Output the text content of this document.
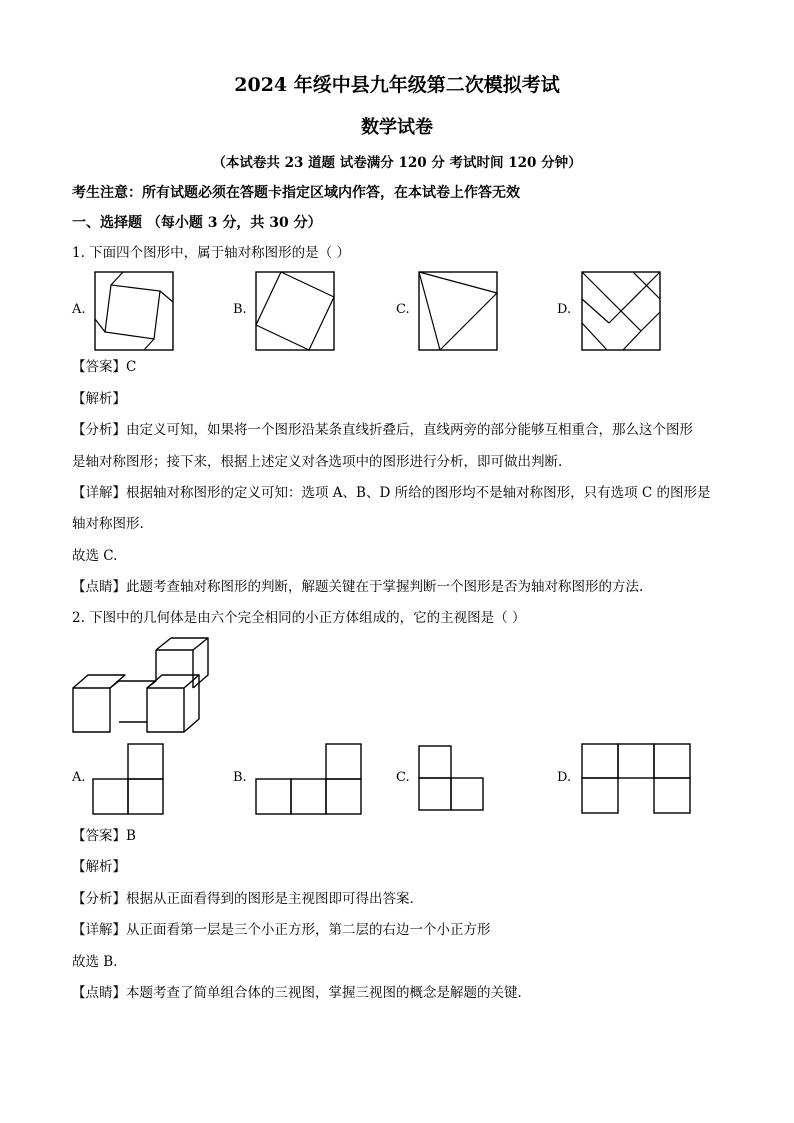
2024 年绥中县九年级第二次模拟考试
数学试卷
（本试卷共 23 道题 试卷满分 120 分 考试时间 120 分钟）
考生注意：所有试题必须在答题卡指定区域内作答，在本试卷上作答无效
一、选择题 （每小题 3 分，共 30 分）
1. 下面四个图形中，属于轴对称图形的是（ ）
A.	B.	C.	D.
【答案】C
【解析】
【分析】由定义可知，如果将一个图形沿某条直线折叠后，直线两旁的部分能够互相重合，那么这个图形
是轴对称图形；接下来，根据上述定义对各选项中的图形进行分析，即可做出判断.
【详解】根据轴对称图形的定义可知：选项 A、B、D 所给的图形均不是轴对称图形，只有选项 C 的图形是
轴对称图形.
故选 C.
【点睛】此题考查轴对称图形的判断，解题关键在于掌握判断一个图形是否为轴对称图形的方法.
2. 下图中的几何体是由六个完全相同的小正方体组成的，它的主视图是（ ）
A.	B.	C.	D.
【答案】B
【解析】
【分析】根据从正面看得到的图形是主视图即可得出答案．
【详解】从正面看第一层是三个小正方形，第二层的右边一个小正方形
故选 B．
【点睛】本题考查了简单组合体的三视图，掌握三视图的概念是解题的关键．
